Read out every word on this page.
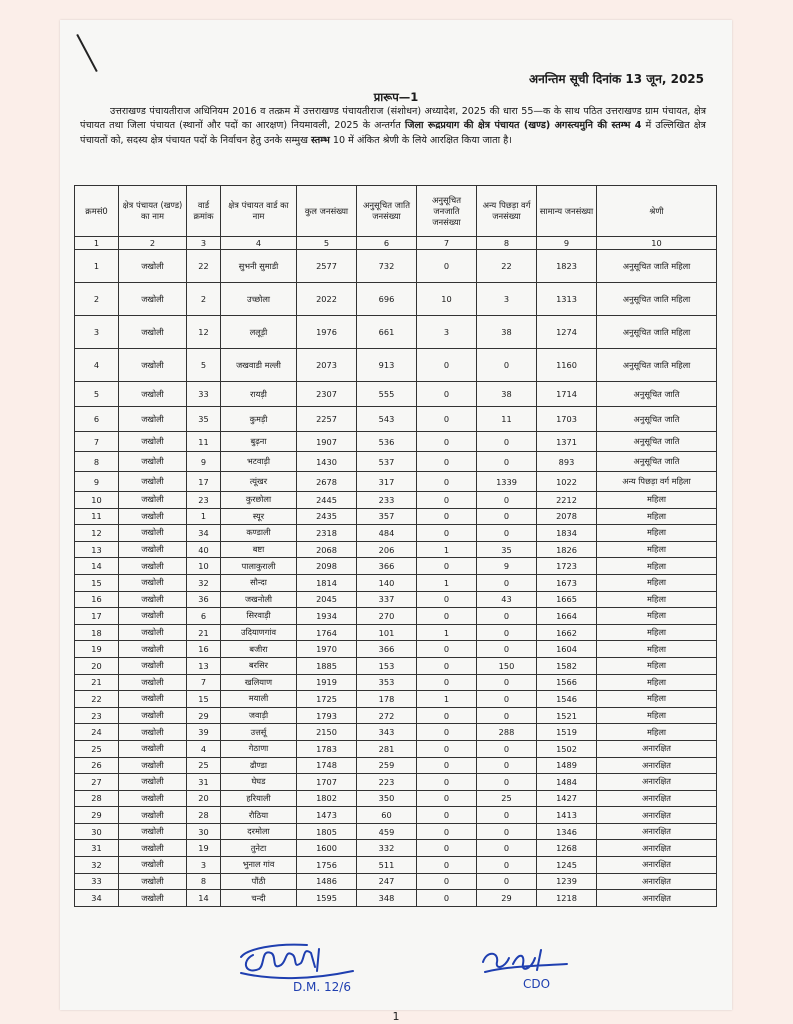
अनन्तिम सूची दिनांक 13 जून, 2025
प्रारूप—1
उत्तराखण्ड पंचायतीराज अधिनियम 2016 व तत्क्रम में उत्तराखण्ड पंचायतीराज (संशोधन) अध्यादेश, 2025 की धारा 55—क के साथ पठित उत्तराखण्ड ग्राम पंचायत, क्षेत्र पंचायत तथा जिला पंचायत (स्थानों और पदों का आरक्षण) नियमावली, 2025 के अन्तर्गत जिला रूद्रप्रयाग की क्षेत्र पंचायत (खण्ड) अगस्त्यमुनि की स्तम्भ 4 में उल्लिखित क्षेत्र पंचायतों को, सदस्य क्षेत्र पंचायत पदों के निर्वाचन हेतु उनके सम्मुख स्तम्भ 10 में अंकित श्रेणी के लिये आरक्षित किया जाता है।
क्रमसं0	क्षेत्र पंचायत (खण्ड) का नाम	वार्ड क्रमांक	क्षेत्र पंचायत वार्ड का नाम	कुल जनसंख्या	अनुसूचित जाति जनसंख्या	अनुसूचित जनजाति जनसंख्या	अन्य पिछड़ा वर्ग जनसंख्या	सामान्य जनसंख्या	श्रेणी
1	2	3	4	5	6	7	8	9	10
1	जखोली	22	सुभनी सुमाडी	2577	732	0	22	1823	अनुसूचित जाति महिला
2	जखोली	2	उच्छोला	2022	696	10	3	1313	अनुसूचित जाति महिला
3	जखोली	12	ललूड़ी	1976	661	3	38	1274	अनुसूचित जाति महिला
4	जखोली	5	जखवाडी मल्ली	2073	913	0	0	1160	अनुसूचित जाति महिला
5	जखोली	33	रायड़ी	2307	555	0	38	1714	अनुसूचित जाति
6	जखोली	35	कुमड़ी	2257	543	0	11	1703	अनुसूचित जाति
7	जखोली	11	बुढ़ना	1907	536	0	0	1371	अनुसूचित जाति
8	जखोली	9	भटवाड़ी	1430	537	0	0	893	अनुसूचित जाति
9	जखोली	17	त्यूंखर	2678	317	0	1339	1022	अन्य पिछड़ा वर्ग महिला
10	जखोली	23	कुरछोला	2445	233	0	0	2212	महिला
11	जखोली	1	स्यूर	2435	357	0	0	2078	महिला
12	जखोली	34	कण्डाली	2318	484	0	0	1834	महिला
13	जखोली	40	बष्टा	2068	206	1	35	1826	महिला
14	जखोली	10	पालाकुराली	2098	366	0	9	1723	महिला
15	जखोली	32	सौन्दा	1814	140	1	0	1673	महिला
16	जखोली	36	जखनोली	2045	337	0	43	1665	महिला
17	जखोली	6	सिरवाड़ी	1934	270	0	0	1664	महिला
18	जखोली	21	उदियाणगांव	1764	101	1	0	1662	महिला
19	जखोली	16	बजीरा	1970	366	0	0	1604	महिला
20	जखोली	13	बरसिर	1885	153	0	150	1582	महिला
21	जखोली	7	खलियाण	1919	353	0	0	1566	महिला
22	जखोली	15	मयाली	1725	178	1	0	1546	महिला
23	जखोली	29	जवाड़ी	1793	272	0	0	1521	महिला
24	जखोली	39	उत्तर्सू	2150	343	0	288	1519	महिला
25	जखोली	4	गेठाणा	1783	281	0	0	1502	अनारक्षित
26	जखोली	25	ढौण्डा	1748	259	0	0	1489	अनारक्षित
27	जखोली	31	घेघड	1707	223	0	0	1484	अनारक्षित
28	जखोली	20	हरियाली	1802	350	0	25	1427	अनारक्षित
29	जखोली	28	रौठिया	1473	60	0	0	1413	अनारक्षित
30	जखोली	30	दरमोला	1805	459	0	0	1346	अनारक्षित
31	जखोली	19	तुनेटा	1600	332	0	0	1268	अनारक्षित
32	जखोली	3	भुनाल गांव	1756	511	0	0	1245	अनारक्षित
33	जखोली	8	पौंठी	1486	247	0	0	1239	अनारक्षित
34	जखोली	14	चन्दी	1595	348	0	29	1218	अनारक्षित
D.M. 12/6	CDO
1
